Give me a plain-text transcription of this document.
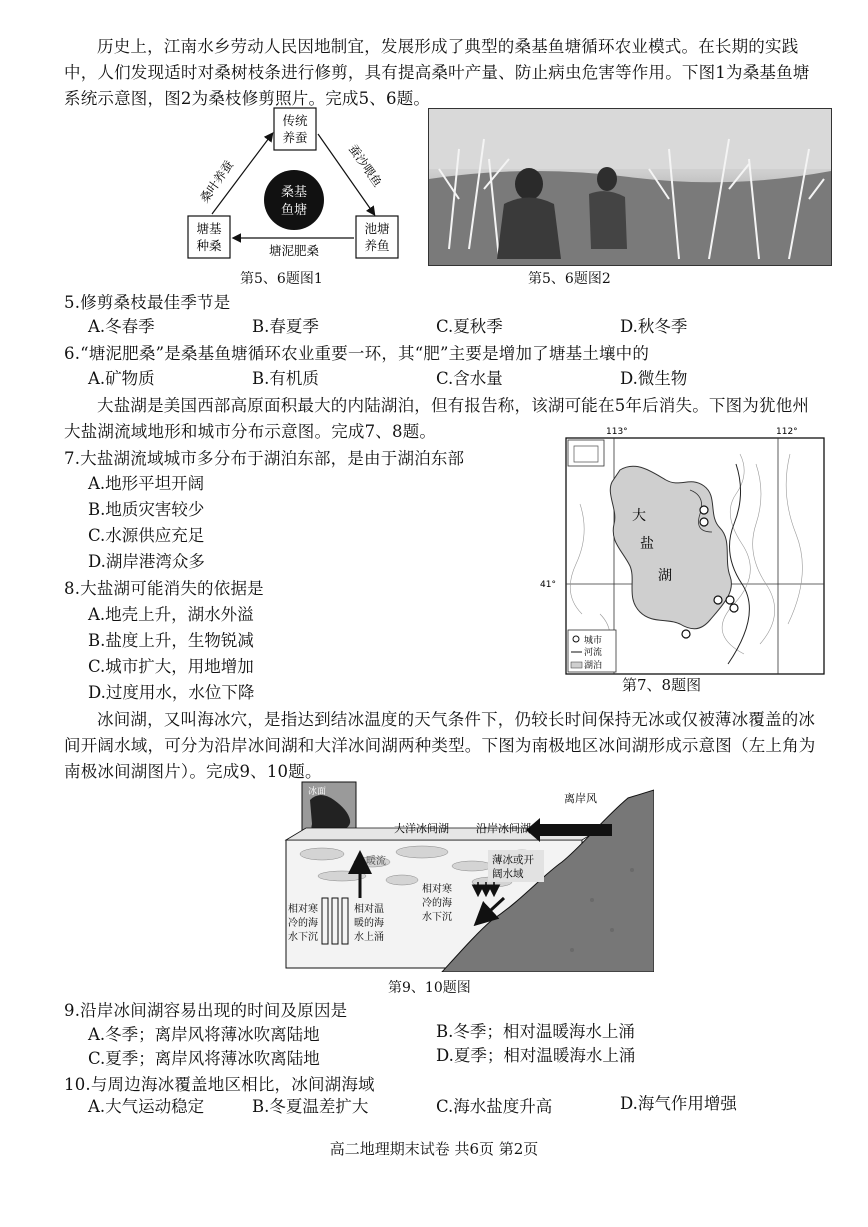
历史上，江南水乡劳动人民因地制宜，发展形成了典型的桑基鱼塘循环农业模式。在长期的实践中，人们发现适时对桑树枝条进行修剪，具有提高桑叶产量、防止病虫危害等作用。下图1为桑基鱼塘系统示意图，图2为桑枝修剪照片。完成5、6题。
传统
养蚕
塘基
种桑
池塘
养鱼
桑基
鱼塘
桑叶养蚕	蚕沙喂鱼
塘泥肥桑
第5、6题图1	第5、6题图2
5.修剪桑枝最佳季节是
A.冬春季	B.春夏季	C.夏秋季	D.秋冬季
6.“塘泥肥桑”是桑基鱼塘循环农业重要一环，其“肥”主要是增加了塘基土壤中的
A.矿物质	B.有机质	C.含水量	D.微生物
大盐湖是美国西部高原面积最大的内陆湖泊，但有报告称，该湖可能在5年后消失。下图为犹他州大盐湖流域地形和城市分布示意图。完成7、8题。
7.大盐湖流域城市多分布于湖泊东部，是由于湖泊东部
A.地形平坦开阔
B.地质灾害较少
C.水源供应充足
D.湖岸港湾众多
8.大盐湖可能消失的依据是
A.地壳上升，湖水外溢
B.盐度上升，生物锐减
C.城市扩大，用地增加
D.过度用水，水位下降
113°	112°
41°
大
盐
湖
城市
河流
湖泊
第7、8题图
冰间湖，又叫海冰穴，是指达到结冰温度的天气条件下，仍较长时间保持无冰或仅被薄冰覆盖的冰间开阔水域，可分为沿岸冰间湖和大洋冰间湖两种类型。下图为南极地区冰间湖形成示意图（左上角为南极冰间湖图片）。完成9、10题。
冰面	离岸风
大洋冰间湖 沿岸冰间湖
暖流	薄冰或开
阔水域
相对寒
冷的海
水下沉
相对温
暖的海
水上涌
相对寒
冷的海
水下沉
第9、10题图
9.沿岸冰间湖容易出现的时间及原因是
A.冬季；离岸风将薄冰吹离陆地	B.冬季；相对温暖海水上涌
C.夏季；离岸风将薄冰吹离陆地	D.夏季；相对温暖海水上涌
10.与周边海冰覆盖地区相比，冰间湖海域
A.大气运动稳定	B.冬夏温差扩大	C.海水盐度升高	D.海气作用增强
高二地理期末试卷 共6页 第2页
